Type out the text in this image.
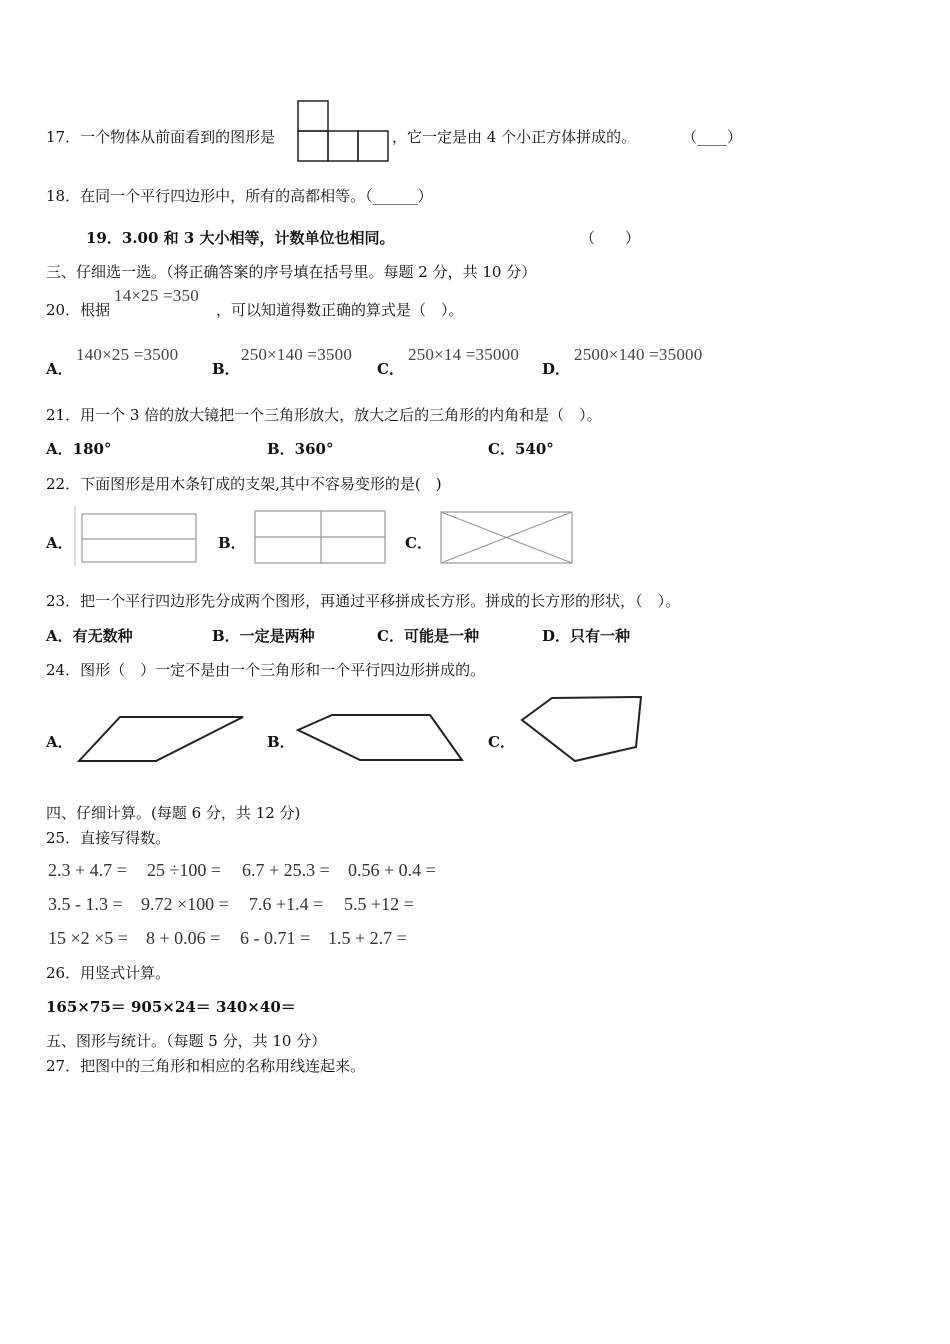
17．一个物体从前面看到的图形是	，它一定是由 4 个小正方体拼成的。	（____）
18．在同一个平行四边形中，所有的高都相等。（______）
19．3.00 和 3 大小相等，计数单位也相同。	（　　）
三、仔细选一选。（将正确答案的序号填在括号里。每题 2 分，共 10 分）
20．根据
14×25 =350
，可以知道得数正确的算式是（　）。
A．
140×25 =3500
B．
250×140 =3500
C．
250×14 =35000
D．
2500×140 =35000
21．用一个 3 倍的放大镜把一个三角形放大，放大之后的三角形的内角和是（　）。
A．180°	B．360°	C．540°
22．下面图形是用木条钉成的支架,其中不容易变形的是(　)
A．	B．	C．
23．把一个平行四边形先分成两个图形，再通过平移拼成长方形。拼成的长方形的形状，（　）。
A．有无数种	B．一定是两种	C．可能是一种	D．只有一种
24．图形（　）一定不是由一个三角形和一个平行四边形拼成的。
A．	B．	C．
四、仔细计算。(每题 6 分，共 12 分)
25．直接写得数。
2.3 + 4.7 = 25 ÷100 = 6.7 + 25.3 = 0.56 + 0.4 =
3.5 - 1.3 = 9.72 ×100 = 7.6 +1.4 = 5.5 +12 =
15 ×2 ×5 = 8 + 0.06 = 6 - 0.71 = 1.5 + 2.7 =
26．用竖式计算。
165×75＝ 905×24＝ 340×40＝
五、图形与统计。（每题 5 分，共 10 分）
27．把图中的三角形和相应的名称用线连起来。
